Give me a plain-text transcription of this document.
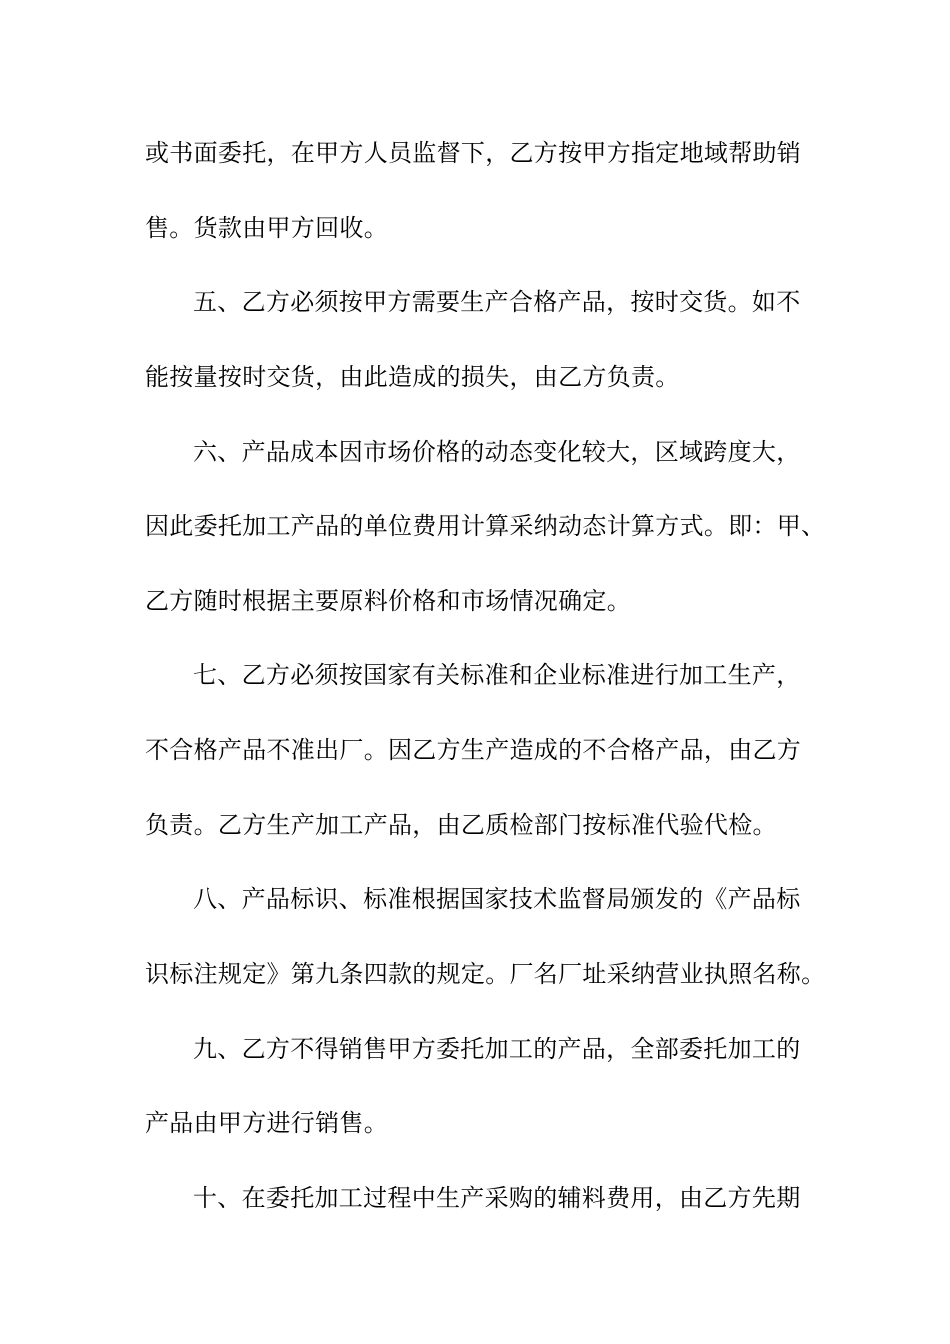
或书面委托，在甲方人员监督下，乙方按甲方指定地域帮助销
售。货款由甲方回收。
五、乙方必须按甲方需要生产合格产品，按时交货。如不
能按量按时交货，由此造成的损失，由乙方负责。
六、产品成本因市场价格的动态变化较大，区域跨度大，
因此委托加工产品的单位费用计算采纳动态计算方式。即：甲、
乙方随时根据主要原料价格和市场情况确定。
七、乙方必须按国家有关标准和企业标准进行加工生产，
不合格产品不准出厂。因乙方生产造成的不合格产品，由乙方
负责。乙方生产加工产品，由乙质检部门按标准代验代检。
八、产品标识、标准根据国家技术监督局颁发的《产品标
识标注规定》第九条四款的规定。厂名厂址采纳营业执照名称。
九、乙方不得销售甲方委托加工的产品，全部委托加工的
产品由甲方进行销售。
十、在委托加工过程中生产采购的辅料费用，由乙方先期
